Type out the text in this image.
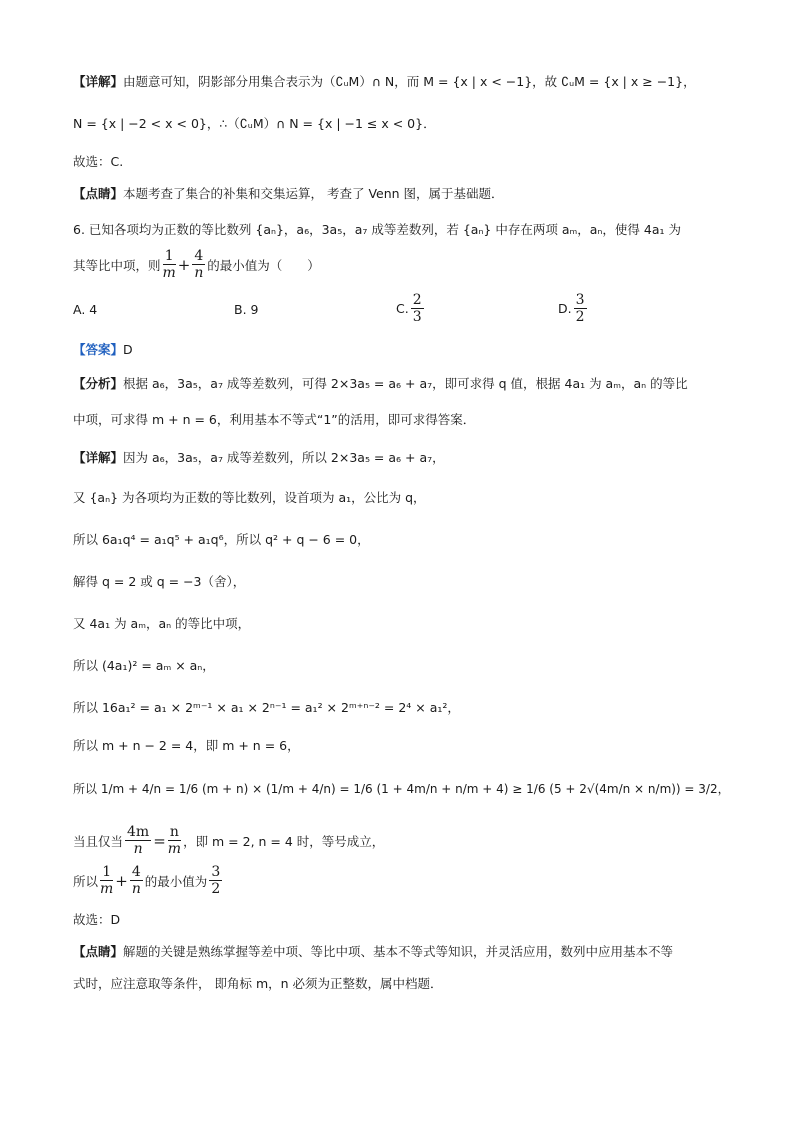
【详解】 由题意可知，阴影部分用集合表示为（∁ᵤM）∩ N，而 M = {x | x < −1}，故 ∁ᵤM = {x | x ≥ −1}，
N = {x | −2 < x < 0}，∴（∁ᵤM）∩ N = {x | −1 ≤ x < 0}．
故选：C.
【点睛】 本题考查了集合的补集和交集运算， 考查了 Venn 图，属于基础题．
6. 已知各项均为正数的等比数列 {aₙ}，a₆，3a₅，a₇ 成等差数列，若 {aₙ} 中存在两项 aₘ，aₙ，使得 4a₁ 为
其等比中项，则 $\frac{1}{m} + \frac{4}{n}$ 的最小值为（　　）
A. 4	B. 9	C. $\frac{2}{3}$	D. $\frac{3}{2}$
【答案】 D
【分析】 根据 a₆，3a₅，a₇ 成等差数列，可得 2×3a₅ = a₆ + a₇，即可求得 q 值，根据 4a₁ 为 aₘ，aₙ 的等比
中项，可求得 m + n = 6，利用基本不等式“1”的活用，即可求得答案．
【详解】 因为 a₆，3a₅，a₇ 成等差数列，所以 2×3a₅ = a₆ + a₇，
又 {aₙ} 为各项均为正数的等比数列，设首项为 a₁，公比为 q，
所以 6a₁q⁴ = a₁q⁵ + a₁q⁶，所以 q² + q − 6 = 0，
解得 q = 2 或 q = −3（舍），
又 4a₁ 为 aₘ，aₙ 的等比中项，
所以 (4a₁)² = aₘ × aₙ，
所以 16a₁² = a₁ × 2ᵐ⁻¹ × a₁ × 2ⁿ⁻¹ = a₁² × 2ᵐ⁺ⁿ⁻² = 2⁴ × a₁²，
所以 m + n − 2 = 4，即 m + n = 6，
所以 1/m + 4/n = 1/6 (m + n) × (1/m + 4/n) = 1/6 (1 + 4m/n + n/m + 4) ≥ 1/6 (5 + 2√(4m/n × n/m)) = 3/2，
当且仅当 $\frac{4m}{n} = \frac{n}{m}$ ，即 m = 2, n = 4 时，等号成立，
所以 $\frac{1}{m} + \frac{4}{n}$ 的最小值为 $\frac{3}{2}$
故选：D
【点睛】 解题的关键是熟练掌握等差中项、等比中项、基本不等式等知识，并灵活应用，数列中应用基本不等
式时，应注意取等条件， 即角标 m，n 必须为正整数，属中档题．
